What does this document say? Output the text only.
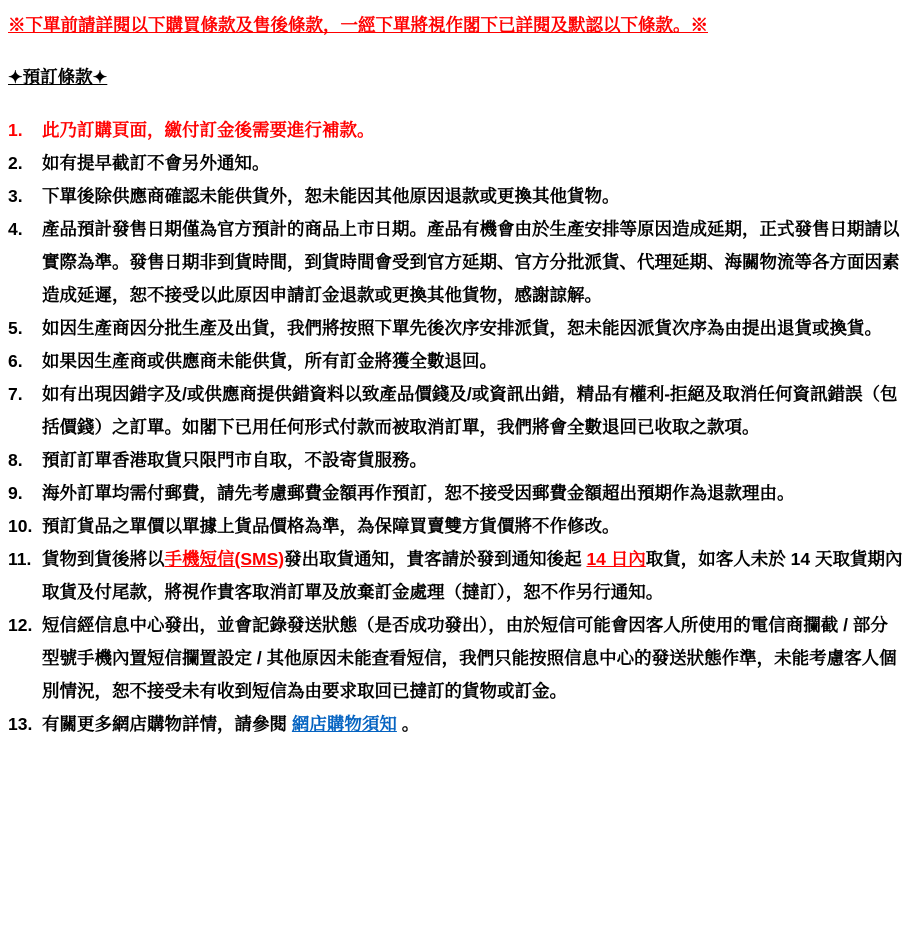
※下單前請詳閱以下購買條款及售後條款，一經下單將視作閣下已詳閱及默認以下條款。※
✦預訂條款✦
1.	此乃訂購頁面，繳付訂金後需要進行補款。
2.	如有提早截訂不會另外通知。
3.	下單後除供應商確認未能供貨外，恕未能因其他原因退款或更換其他貨物。
4.	產品預計發售日期僅為官方預計的商品上市日期。產品有機會由於生產安排等原因造成延期，正式發售日期請以實際為準。發售日期非到貨時間，到貨時間會受到官方延期、官方分批派貨、代理延期、海關物流等各方面因素造成延遲，恕不接受以此原因申請訂金退款或更換其他貨物，感謝諒解。
5.	如因生產商因分批生產及出貨，我們將按照下單先後次序安排派貨，恕未能因派貨次序為由提出退貨或換貨。
6.	如果因生產商或供應商未能供貨，所有訂金將獲全數退回。
7.	如有出現因錯字及/或供應商提供錯資料以致產品價錢及/或資訊出錯，精品有權利-拒絕及取消任何資訊錯誤（包括價錢）之訂單。如閣下已用任何形式付款而被取消訂單，我們將會全數退回已收取之款項。
8.	預訂訂單香港取貨只限門市自取，不設寄貨服務。
9.	海外訂單均需付郵費，請先考慮郵費金額再作預訂，恕不接受因郵費金額超出預期作為退款理由。
10. 預訂貨品之單價以單據上貨品價格為準，為保障買賣雙方貨價將不作修改。
11. 貨物到貨後將以手機短信(SMS)發出取貨通知，貴客請於發到通知後起 14 日內取貨，如客人未於 14 天取貨期內取貨及付尾款，將視作貴客取消訂單及放棄訂金處理（撻訂），恕不作另行通知。
12. 短信經信息中心發出，並會記錄發送狀態（是否成功發出），由於短信可能會因客人所使用的電信商攔截 / 部分型號手機內置短信攔置設定 / 其他原因未能查看短信，我們只能按照信息中心的發送狀態作準，未能考慮客人個別情況，恕不接受未有收到短信為由要求取回已撻訂的貨物或訂金。
13. 有關更多網店購物詳情，請參閱 網店購物須知 。
